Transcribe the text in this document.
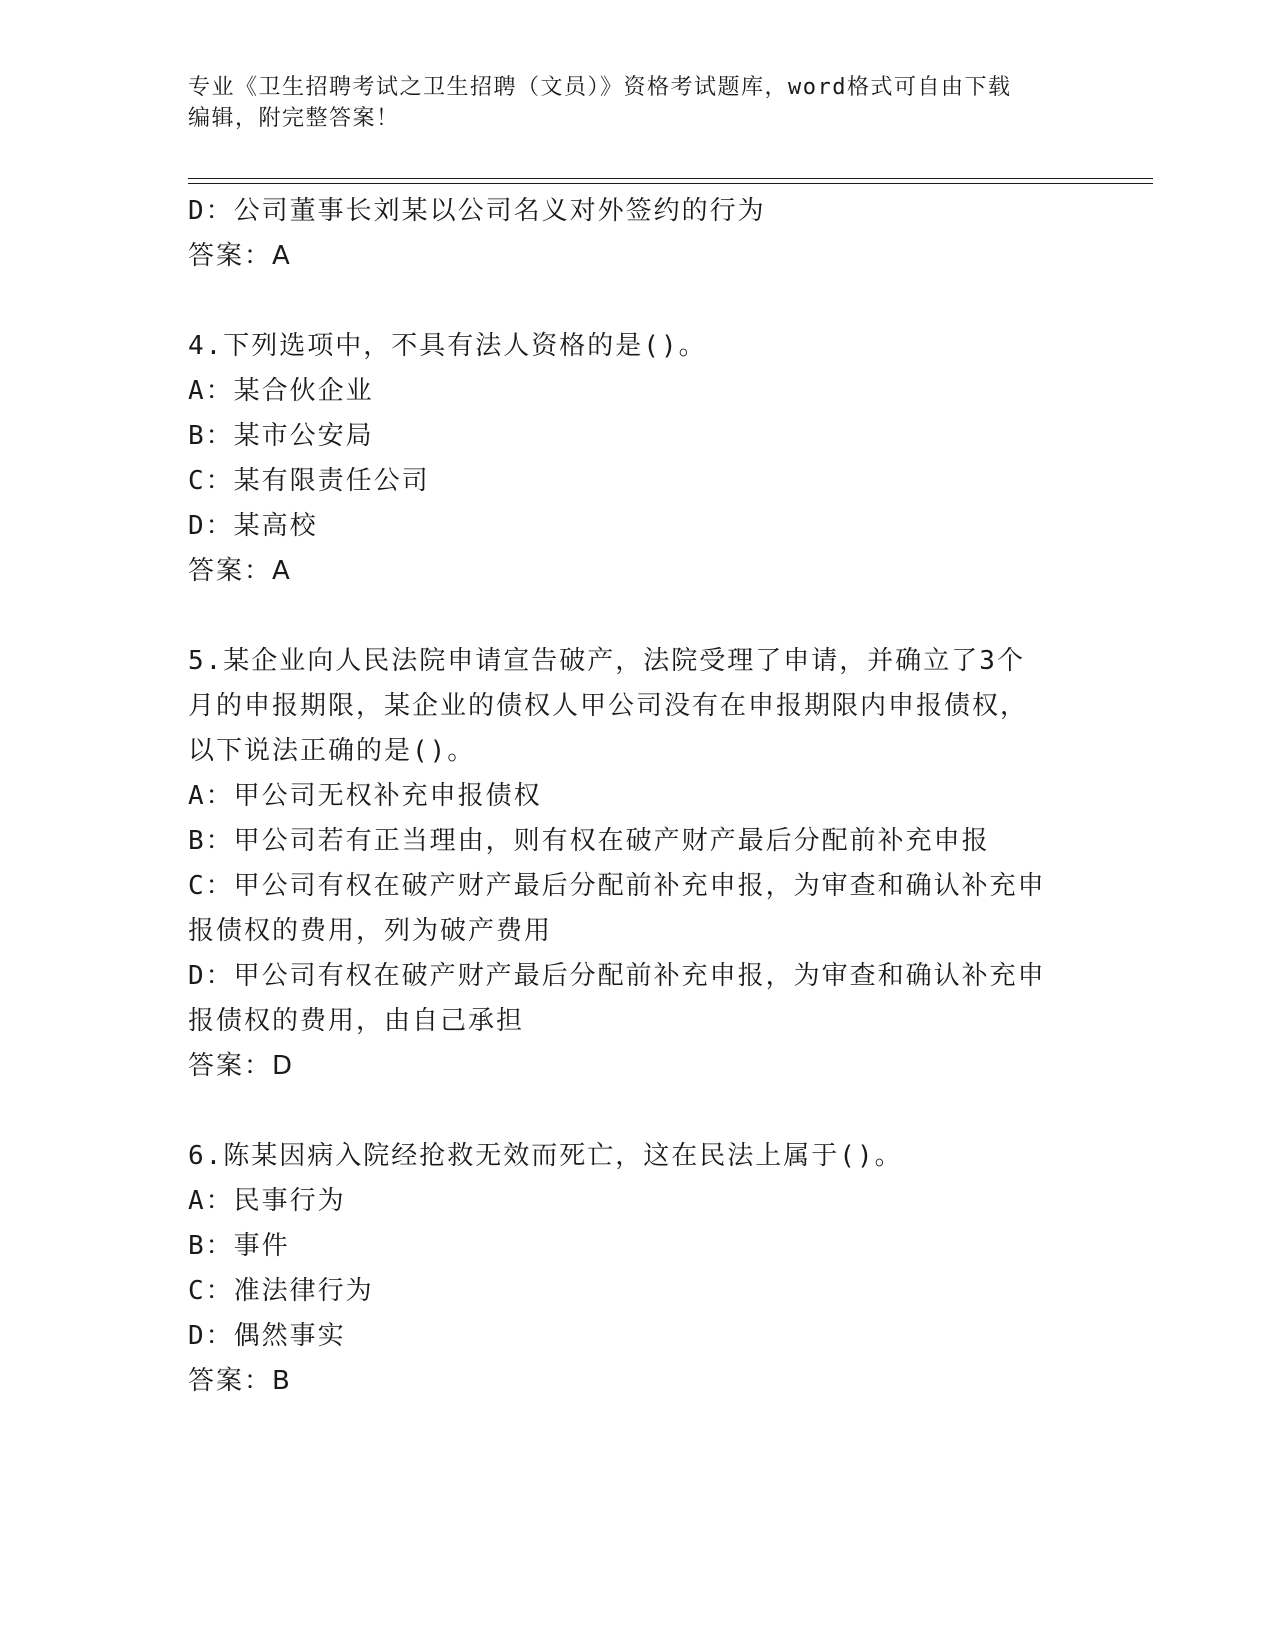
专业《卫生招聘考试之卫生招聘（文员）》资格考试题库，word格式可自由下载
编辑，附完整答案！
D：公司董事长刘某以公司名义对外签约的行为
答案：A
4.下列选项中，不具有法人资格的是()。
A：某合伙企业
B：某市公安局
C：某有限责任公司
D：某高校
答案：A
5.某企业向人民法院申请宣告破产，法院受理了申请，并确立了3个
月的申报期限，某企业的债权人甲公司没有在申报期限内申报债权，
以下说法正确的是()。
A：甲公司无权补充申报债权
B：甲公司若有正当理由，则有权在破产财产最后分配前补充申报
C：甲公司有权在破产财产最后分配前补充申报，为审查和确认补充申
报债权的费用，列为破产费用
D：甲公司有权在破产财产最后分配前补充申报，为审查和确认补充申
报债权的费用，由自己承担
答案：D
6.陈某因病入院经抢救无效而死亡，这在民法上属于()。
A：民事行为
B：事件
C：准法律行为
D：偶然事实
答案：B
